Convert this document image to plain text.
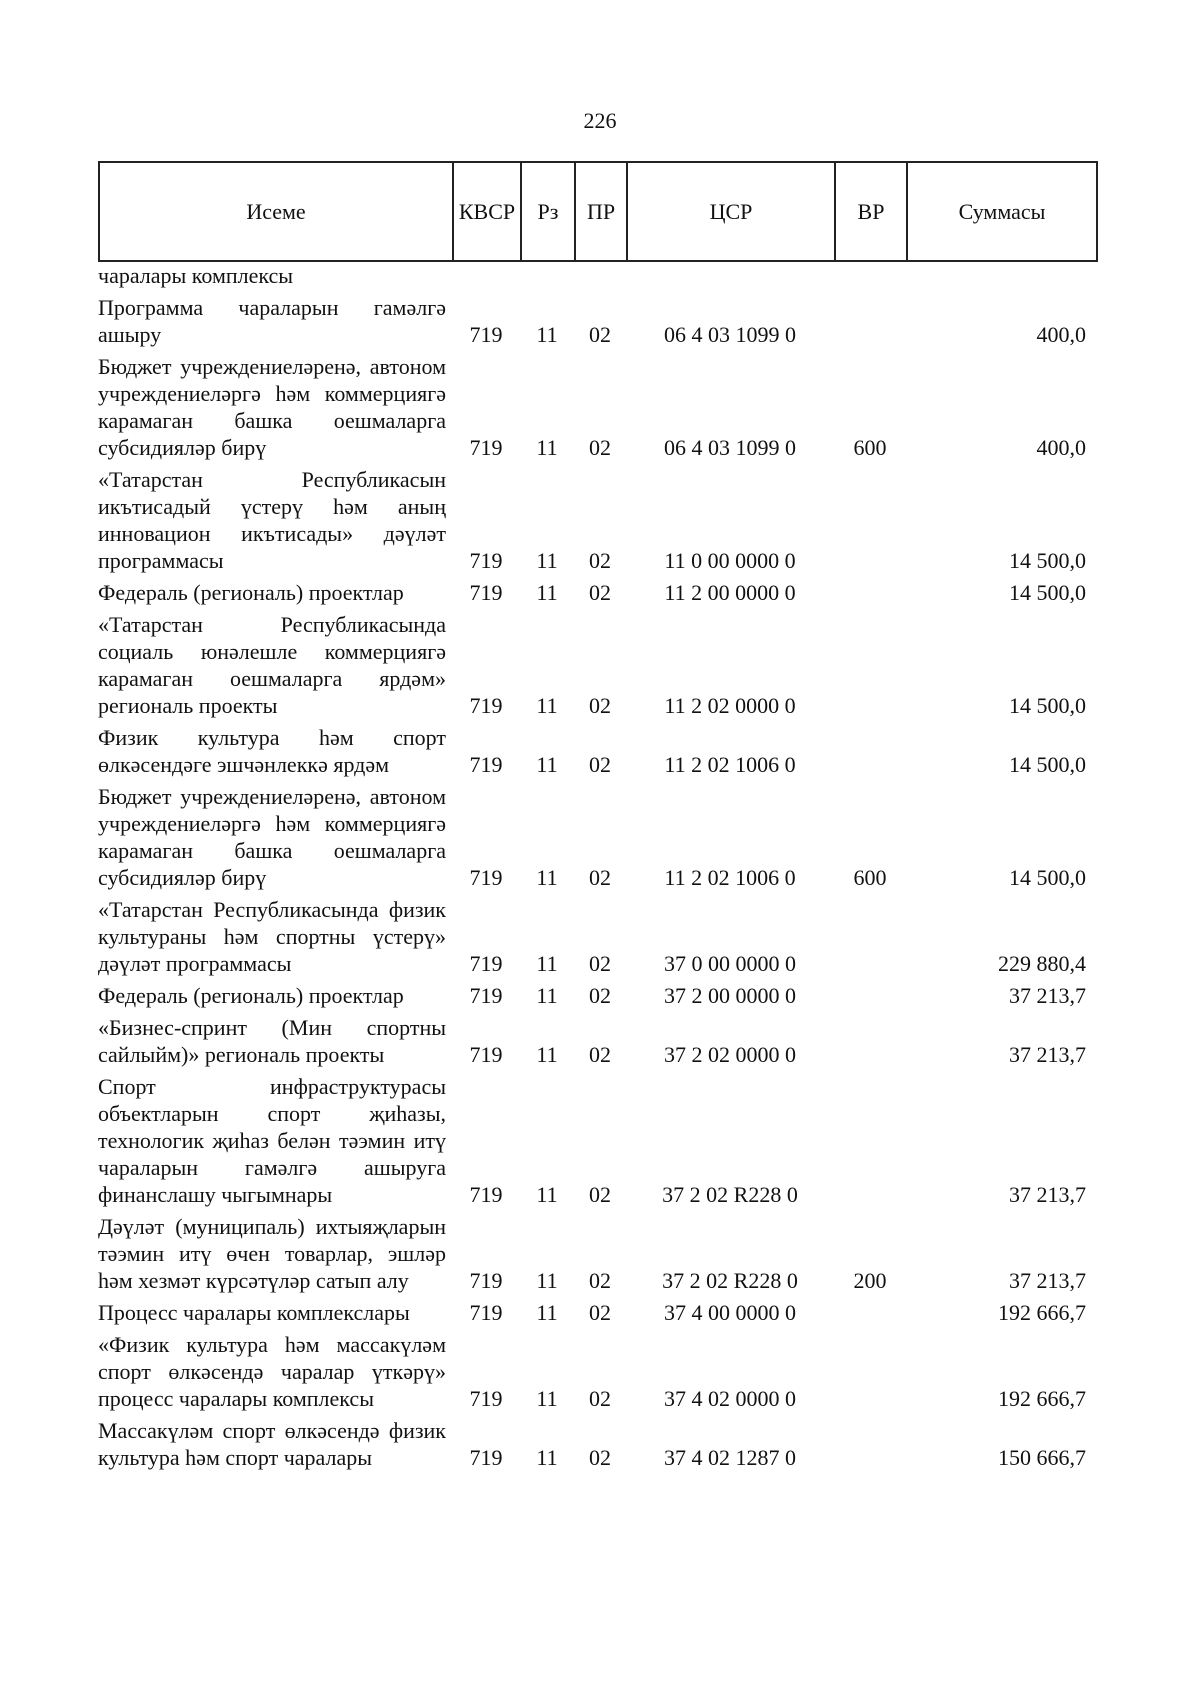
226
Исеме	КВСР	Рз	ПР	ЦСР	ВР	Суммасы
чаралары комплексы						
Программа чараларын гамәлгә ашыру	719	11	02	06 4 03 1099 0		400,0
Бюджет учреждениеләренә, автоном учреждениеләргә һәм коммерциягә карамаган башка оешмаларга субсидияләр бирү	719	11	02	06 4 03 1099 0	600	400,0
«Татарстан Республикасын икътисадый үстерү һәм аның инновацион икътисады» дәүләт программасы	719	11	02	11 0 00 0000 0		14 500,0
Федераль (региональ) проектлар	719	11	02	11 2 00 0000 0		14 500,0
«Татарстан Республикасында социаль юнәлешле коммерциягә карамаган оешмаларга ярдәм» региональ проекты	719	11	02	11 2 02 0000 0		14 500,0
Физик культура һәм спорт өлкәсендәге эшчәнлеккә ярдәм	719	11	02	11 2 02 1006 0		14 500,0
Бюджет учреждениеләренә, автоном учреждениеләргә һәм коммерциягә карамаган башка оешмаларга субсидияләр бирү	719	11	02	11 2 02 1006 0	600	14 500,0
«Татарстан Республикасында физик культураны һәм спортны үстерү» дәүләт программасы	719	11	02	37 0 00 0000 0		229 880,4
Федераль (региональ) проектлар	719	11	02	37 2 00 0000 0		37 213,7
«Бизнес-спринт (Мин спортны сайлыйм)» региональ проекты	719	11	02	37 2 02 0000 0		37 213,7
Спорт инфраструктурасы объектларын спорт җиһазы, технологик җиһаз белән тәэмин итү чараларын гамәлгә ашыруга финанслашу чыгымнары	719	11	02	37 2 02 R228 0		37 213,7
Дәүләт (муниципаль) ихтыяҗларын тәэмин итү өчен товарлар, эшләр һәм хезмәт күрсәтүләр сатып алу	719	11	02	37 2 02 R228 0	200	37 213,7
Процесс чаралары комплекслары	719	11	02	37 4 00 0000 0		192 666,7
«Физик культура һәм массакүләм спорт өлкәсендә чаралар үткәрү» процесс чаралары комплексы	719	11	02	37 4 02 0000 0		192 666,7
Массакүләм спорт өлкәсендә физик культура һәм спорт чаралары	719	11	02	37 4 02 1287 0		150 666,7
